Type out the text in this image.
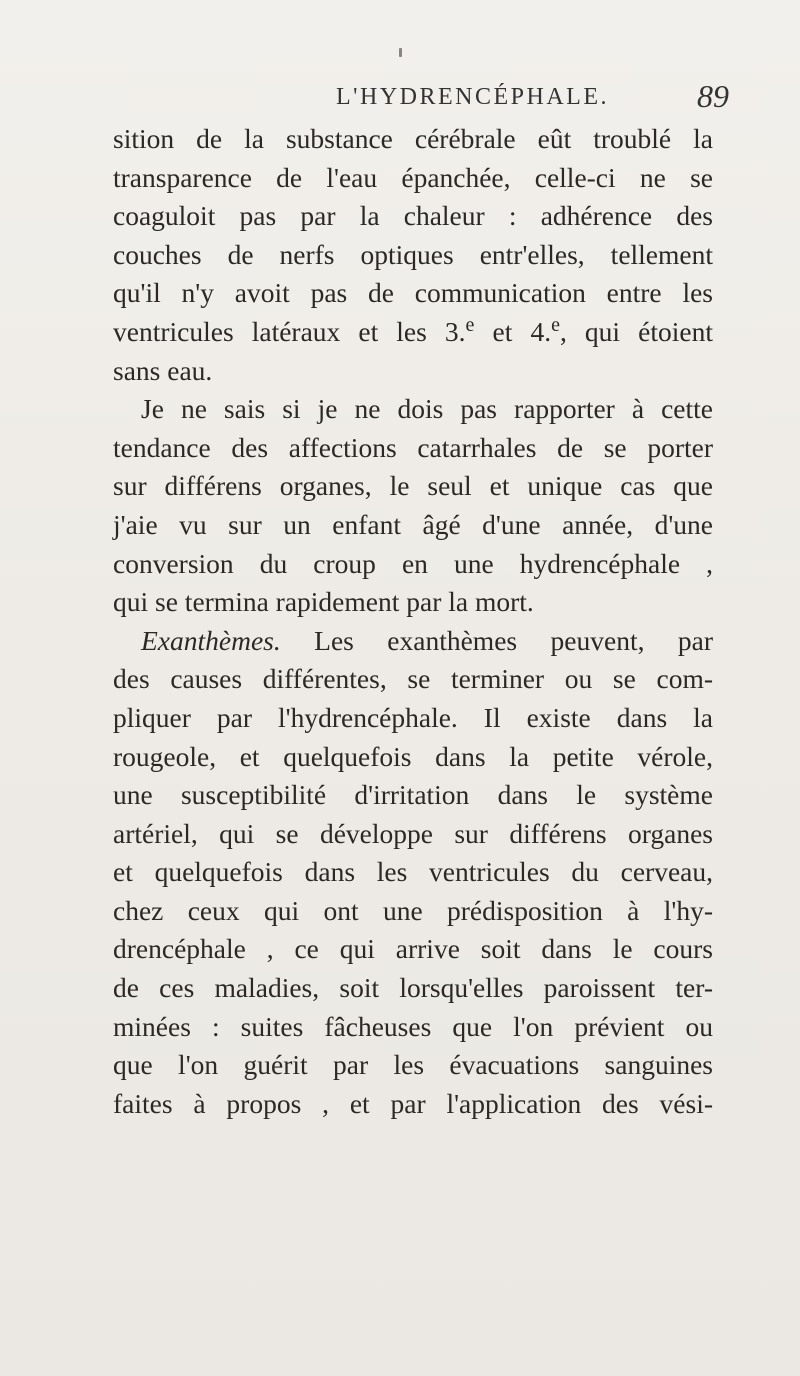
L'HYDRENCÉPHALE.	89
sition de la substance cérébrale eût troublé la
transparence de l'eau épanchée, celle-ci ne se
coaguloit pas par la chaleur : adhérence des
couches de nerfs optiques entr'elles, tellement
qu'il n'y avoit pas de communication entre les
ventricules latéraux et les 3.$^e$ et 4.$^e$, qui étoient
sans eau.
Je ne sais si je ne dois pas rapporter à cette
tendance des affections catarrhales de se porter
sur différens organes, le seul et unique cas que
j'aie vu sur un enfant âgé d'une année, d'une
conversion du croup en une hydrencéphale ,
qui se termina rapidement par la mort.
Exanthèmes. Les exanthèmes peuvent, par
des causes différentes, se terminer ou se com-
pliquer par l'hydrencéphale. Il existe dans la
rougeole, et quelquefois dans la petite vérole,
une susceptibilité d'irritation dans le système
artériel, qui se développe sur différens organes
et quelquefois dans les ventricules du cerveau,
chez ceux qui ont une prédisposition à l'hy-
drencéphale , ce qui arrive soit dans le cours
de ces maladies, soit lorsqu'elles paroissent ter-
minées : suites fâcheuses que l'on prévient ou
que l'on guérit par les évacuations sanguines
faites à propos , et par l'application des vési-
